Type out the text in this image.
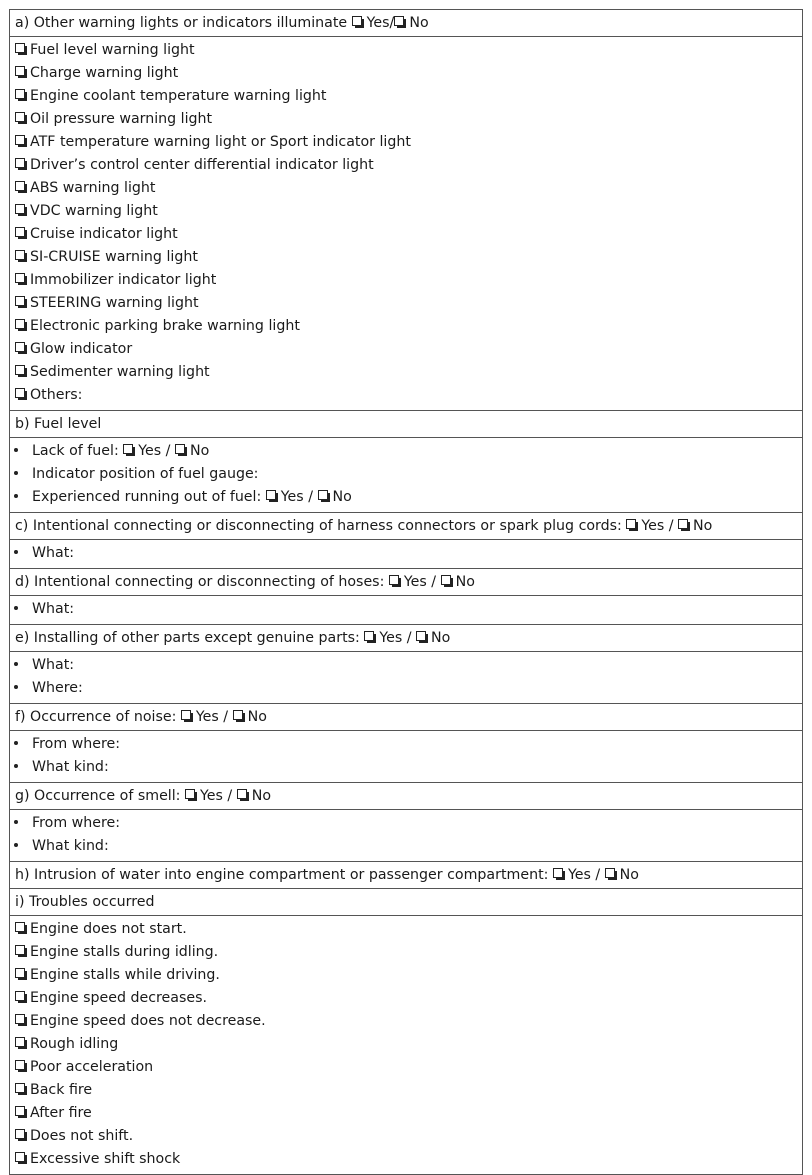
a) Other warning lights or indicators illuminate Yes/ No
Fuel level warning light
Charge warning light
Engine coolant temperature warning light
Oil pressure warning light
ATF temperature warning light or Sport indicator light
Driver’s control center differential indicator light
ABS warning light
VDC warning light
Cruise indicator light
SI-CRUISE warning light
Immobilizer indicator light
STEERING warning light
Electronic parking brake warning light
Glow indicator
Sedimenter warning light
Others:
b) Fuel level
Lack of fuel: Yes / No
Indicator position of fuel gauge:
Experienced running out of fuel: Yes / No
c) Intentional connecting or disconnecting of harness connectors or spark plug cords: Yes / No
What:
d) Intentional connecting or disconnecting of hoses: Yes / No
What:
e) Installing of other parts except genuine parts: Yes / No
What:
Where:
f) Occurrence of noise: Yes / No
From where:
What kind:
g) Occurrence of smell: Yes / No
From where:
What kind:
h) Intrusion of water into engine compartment or passenger compartment: Yes / No
i) Troubles occurred
Engine does not start.
Engine stalls during idling.
Engine stalls while driving.
Engine speed decreases.
Engine speed does not decrease.
Rough idling
Poor acceleration
Back fire
After fire
Does not shift.
Excessive shift shock
